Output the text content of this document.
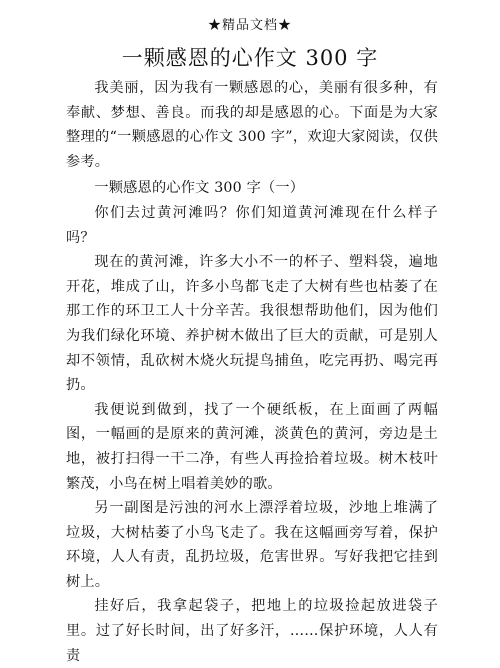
★精品文档★
一颗感恩的心作文 300 字

我美丽，因为我有一颗感恩的心，美丽有很多种，有奉献、梦想、善良。而我的却是感恩的心。下面是为大家整理的“一颗感恩的心作文 300 字”，欢迎大家阅读，仅供参考。

一颗感恩的心作文 300 字（一）

你们去过黄河滩吗？你们知道黄河滩现在什么样子 吗？

现在的黄河滩，许多大小不一的杯子、塑料袋，遍地开花，堆成了山，许多小鸟都飞走了大树有些也枯萎了在那工作的环卫工人十分辛苦。我很想帮助他们，因为他们为我们绿化环境、养护树木做出了巨大的贡献，可是别人却不领情，乱砍树木烧火玩提鸟捕鱼，吃完再扔、喝完再扔。

我便说到做到，找了一个硬纸板，在上面画了两幅图，一幅画的是原来的黄河滩，淡黄色的黄河，旁边是土地，被打扫得一干二净，有些人再捡拾着垃圾。树木枝叶繁茂，小鸟在树上唱着美妙的歌。

另一副图是污浊的河水上漂浮着垃圾，沙地上堆满了垃圾，大树枯萎了小鸟飞走了。我在这幅画旁写着，保护环境，人人有责，乱扔垃圾，危害世界。写好我把它挂到树上。

挂好后，我拿起袋子，把地上的垃圾捡起放进袋子里。过了好长时间，出了好多汗，……保护环境，人人有责
